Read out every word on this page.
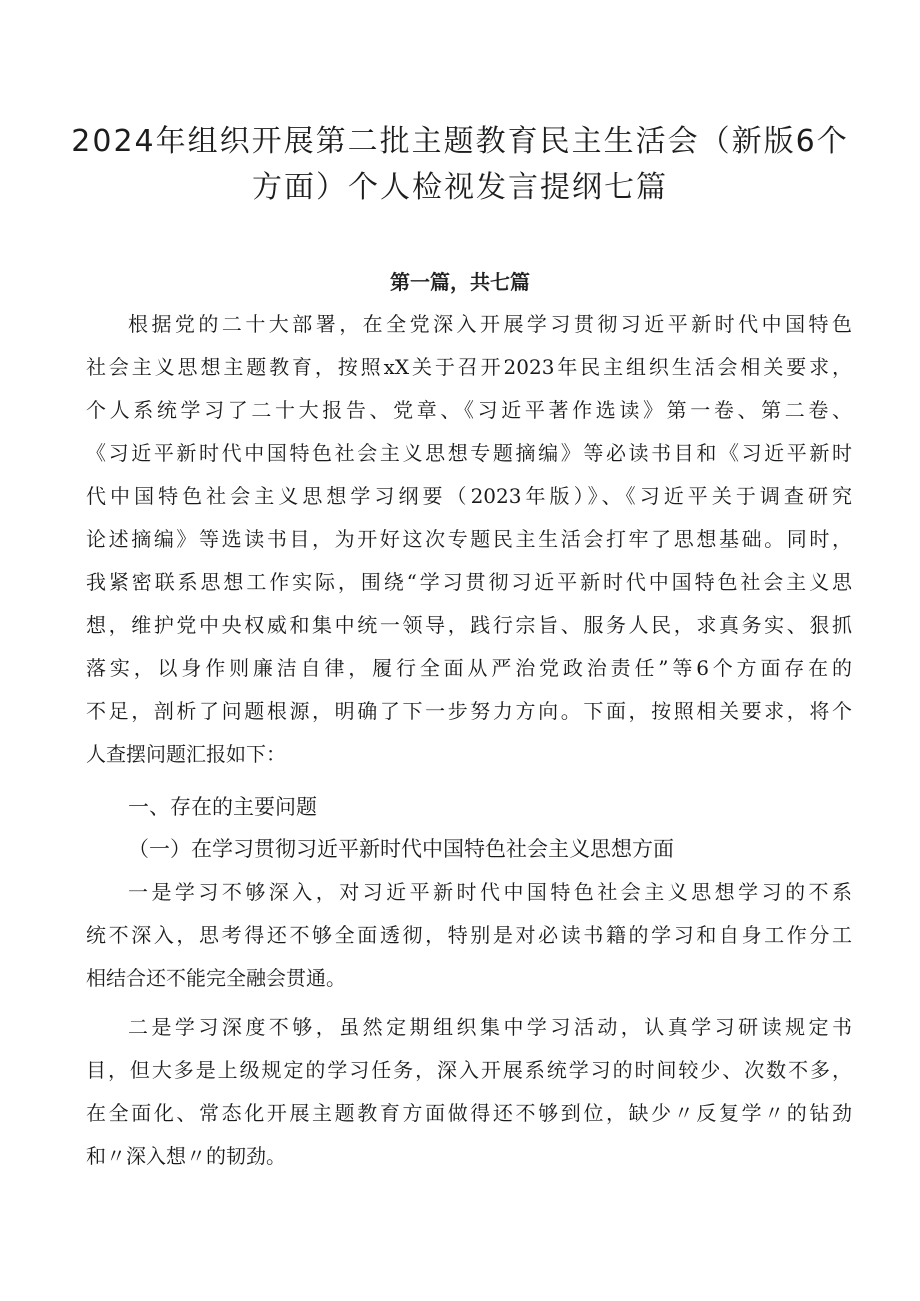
2024年组织开展第二批主题教育民主生活会（新版6个
方面）个人检视发言提纲七篇
第一篇，共七篇
根据党的二十大部署，在全党深入开展学习贯彻习近平新时代中国特色
社会主义思想主题教育，按照xX关于召开2023年民主组织生活会相关要求，
个人系统学习了二十大报告、党章、《习近平著作选读》第一卷、第二卷、
《习近平新时代中国特色社会主义思想专题摘编》等必读书目和《习近平新时
代中国特色社会主义思想学习纲要（2023年版）》、《习近平关于调查研究
论述摘编》等选读书目，为开好这次专题民主生活会打牢了思想基础。同时，
我紧密联系思想工作实际，围绕“学习贯彻习近平新时代中国特色社会主义思
想，维护党中央权威和集中统一领导，践行宗旨、服务人民，求真务实、狠抓
落实，以身作则廉洁自律，履行全面从严治党政治责任”等6个方面存在的
不足，剖析了问题根源，明确了下一步努力方向。下面，按照相关要求，将个
人查摆问题汇报如下：
一、存在的主要问题
（一）在学习贯彻习近平新时代中国特色社会主义思想方面
一是学习不够深入，对习近平新时代中国特色社会主义思想学习的不系
统不深入，思考得还不够全面透彻，特别是对必读书籍的学习和自身工作分工
相结合还不能完全融会贯通。
二是学习深度不够，虽然定期组织集中学习活动，认真学习研读规定书
目，但大多是上级规定的学习任务，深入开展系统学习的时间较少、次数不多，
在全面化、常态化开展主题教育方面做得还不够到位，缺少〃反复学〃的钻劲
和〃深入想〃的韧劲。
